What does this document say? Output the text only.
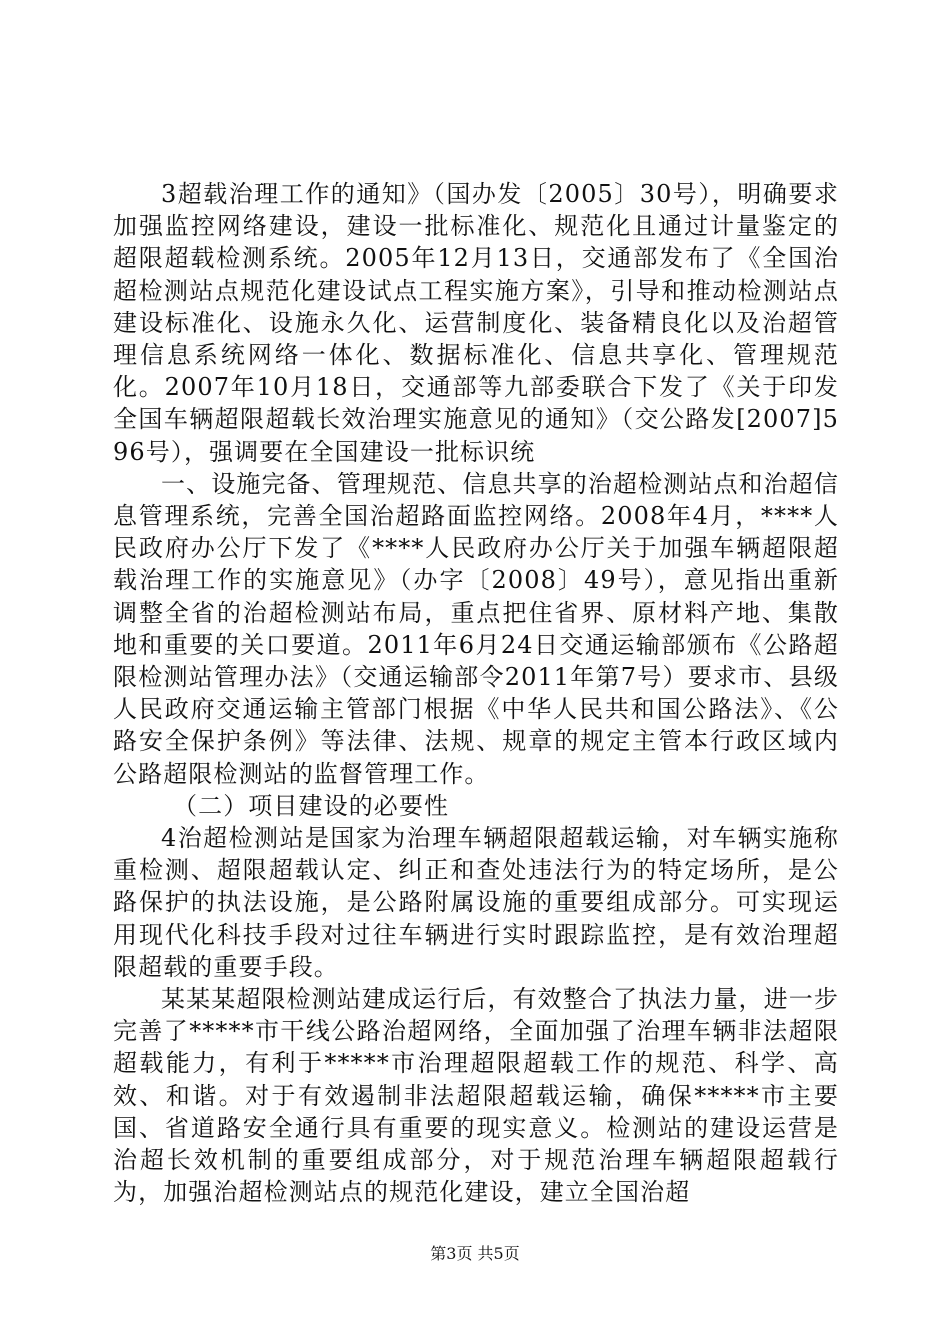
3超载治理工作的通知》（国办发〔2005〕30号），明确要求加强监控网络建设，建设一批标准化、规范化且通过计量鉴定的超限超载检测系统。2005年12月13日，交通部发布了《全国治超检测站点规范化建设试点工程实施方案》，引导和推动检测站点建设标准化、设施永久化、运营制度化、装备精良化以及治超管理信息系统网络一体化、数据标准化、信息共享化、管理规范化。2007年10月18日，交通部等九部委联合下发了《关于印发全国车辆超限超载长效治理实施意见的通知》（交公路发[2007]596号），强调要在全国建设一批标识统

一、设施完备、管理规范、信息共享的治超检测站点和治超信息管理系统，完善全国治超路面监控网络。2008年4月，****人民政府办公厅下发了《****人民政府办公厅关于加强车辆超限超载治理工作的实施意见》（办字〔2008〕49号），意见指出重新调整全省的治超检测站布局，重点把住省界、原材料产地、集散地和重要的关口要道。2011年6月24日交通运输部颁布《公路超限检测站管理办法》（交通运输部令2011年第7号）要求市、县级人民政府交通运输主管部门根据《中华人民共和国公路法》、《公路安全保护条例》等法律、法规、规章的规定主管本行政区域内公路超限检测站的监督管理工作。

（二）项目建设的必要性

4治超检测站是国家为治理车辆超限超载运输，对车辆实施称重检测、超限超载认定、纠正和查处违法行为的特定场所，是公路保护的执法设施，是公路附属设施的重要组成部分。可实现运用现代化科技手段对过往车辆进行实时跟踪监控，是有效治理超限超载的重要手段。

某某某超限检测站建成运行后，有效整合了执法力量，进一步完善了*****市干线公路治超网络，全面加强了治理车辆非法超限超载能力，有利于*****市治理超限超载工作的规范、科学、高效、和谐。对于有效遏制非法超限超载运输，确保*****市主要国、省道路安全通行具有重要的现实意义。检测站的建设运营是治超长效机制的重要组成部分，对于规范治理车辆超限超载行为，加强治超检测站点的规范化建设，建立全国治超

第3页 共5页
